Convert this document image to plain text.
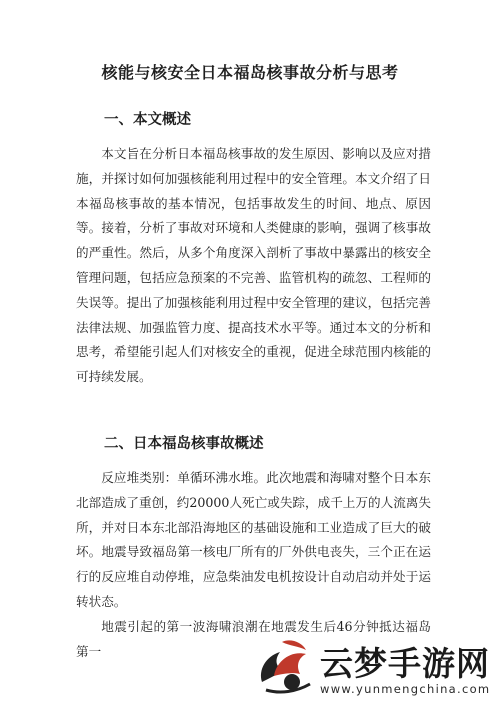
核能与核安全日本福岛核事故分析与思考
一、本文概述

本文旨在分析日本福岛核事故的发生原因、影响以及应对措施，并探讨如何加强核能利用过程中的安全管理。本文介绍了日本福岛核事故的基本情况，包括事故发生的时间、地点、原因等。接着，分析了事故对环境和人类健康的影响，强调了核事故的严重性。然后，从多个角度深入剖析了事故中暴露出的核安全管理问题，包括应急预案的不完善、监管机构的疏忽、工程师的失误等。提出了加强核能利用过程中安全管理的建议，包括完善法律法规、加强监管力度、提高技术水平等。通过本文的分析和思考，希望能引起人们对核安全的重视，促进全球范围内核能的可持续发展。

二、日本福岛核事故概述

反应堆类别：单循环沸水堆。此次地震和海啸对整个日本东北部造成了重创，约20000人死亡或失踪，成千上万的人流离失所，并对日本东北部沿海地区的基础设施和工业造成了巨大的破坏。地震导致福岛第一核电厂所有的厂外供电丧失，三个正在运行的反应堆自动停堆，应急柴油发电机按设计自动启动并处于运转状态。

地震引起的第一波海啸浪潮在地震发生后46分钟抵达福岛第一	云梦手游网
www.yunmengchina.com
